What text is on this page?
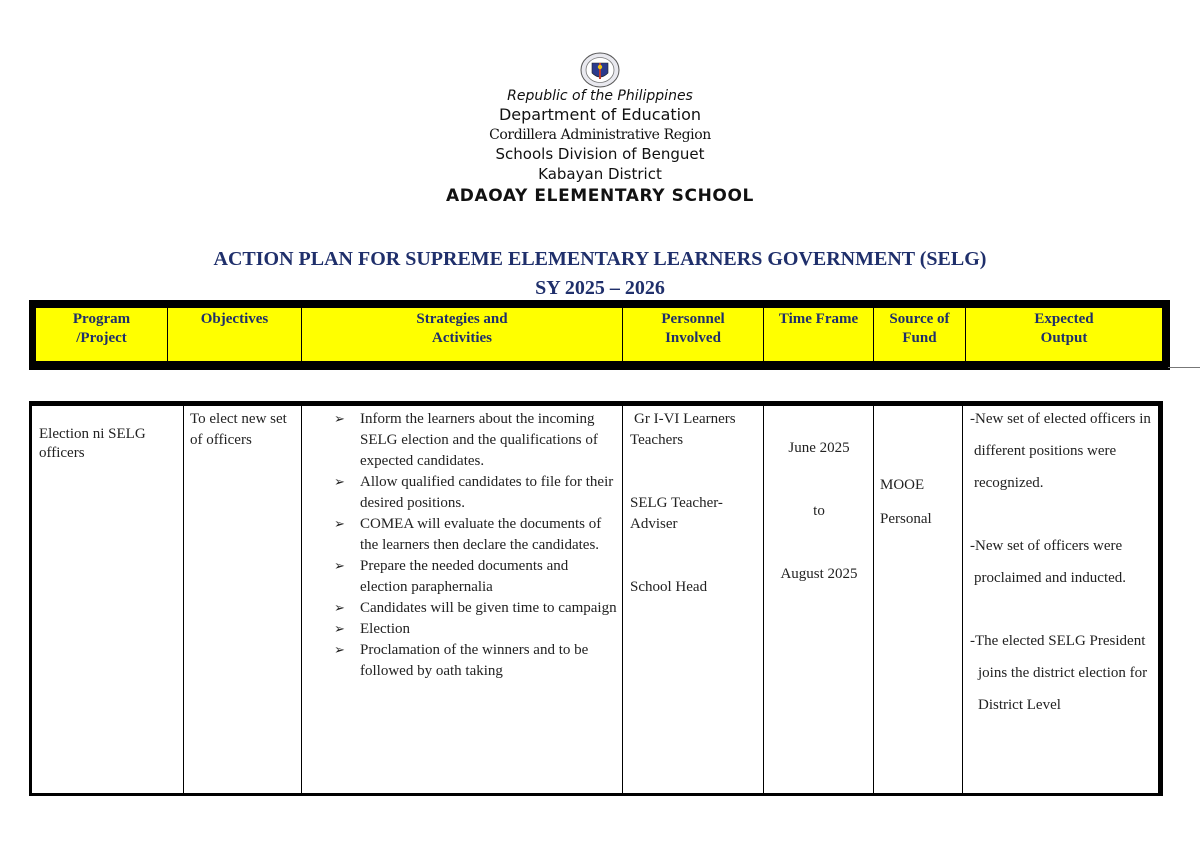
Republic of the Philippines
Department of Education
Cordillera Administrative Region
Schools Division of Benguet
Kabayan District
ADAOAY ELEMENTARY SCHOOL
ACTION PLAN FOR SUPREME ELEMENTARY LEARNERS GOVERNMENT (SELG)
SY 2025 – 2026
Program
/Project
Objectives	Strategies and
Activities
Personnel
Involved
Time Frame	Source of
Fund
Expected
Output
Election ni SELG officers
To elect new set of officers
➢ Inform the learners about the incoming SELG election and the qualifications of expected candidates.
➢ Allow qualified candidates to file for their desired positions.
➢ COMEA will evaluate the documents of the learners then declare the candidates.
➢ Prepare the needed documents and election paraphernalia
➢ Candidates will be given time to campaign
➢ Election
➢ Proclamation of the winners and to be followed by oath taking
Gr I-VI Learners
Teachers
SELG Teacher-Adviser
School Head
June 2025
to
August 2025
MOOE
Personal
-New set of elected officers in
different positions were
recognized.
-New set of officers were
proclaimed and inducted.
-The elected SELG President
joins the district election for
District Level
